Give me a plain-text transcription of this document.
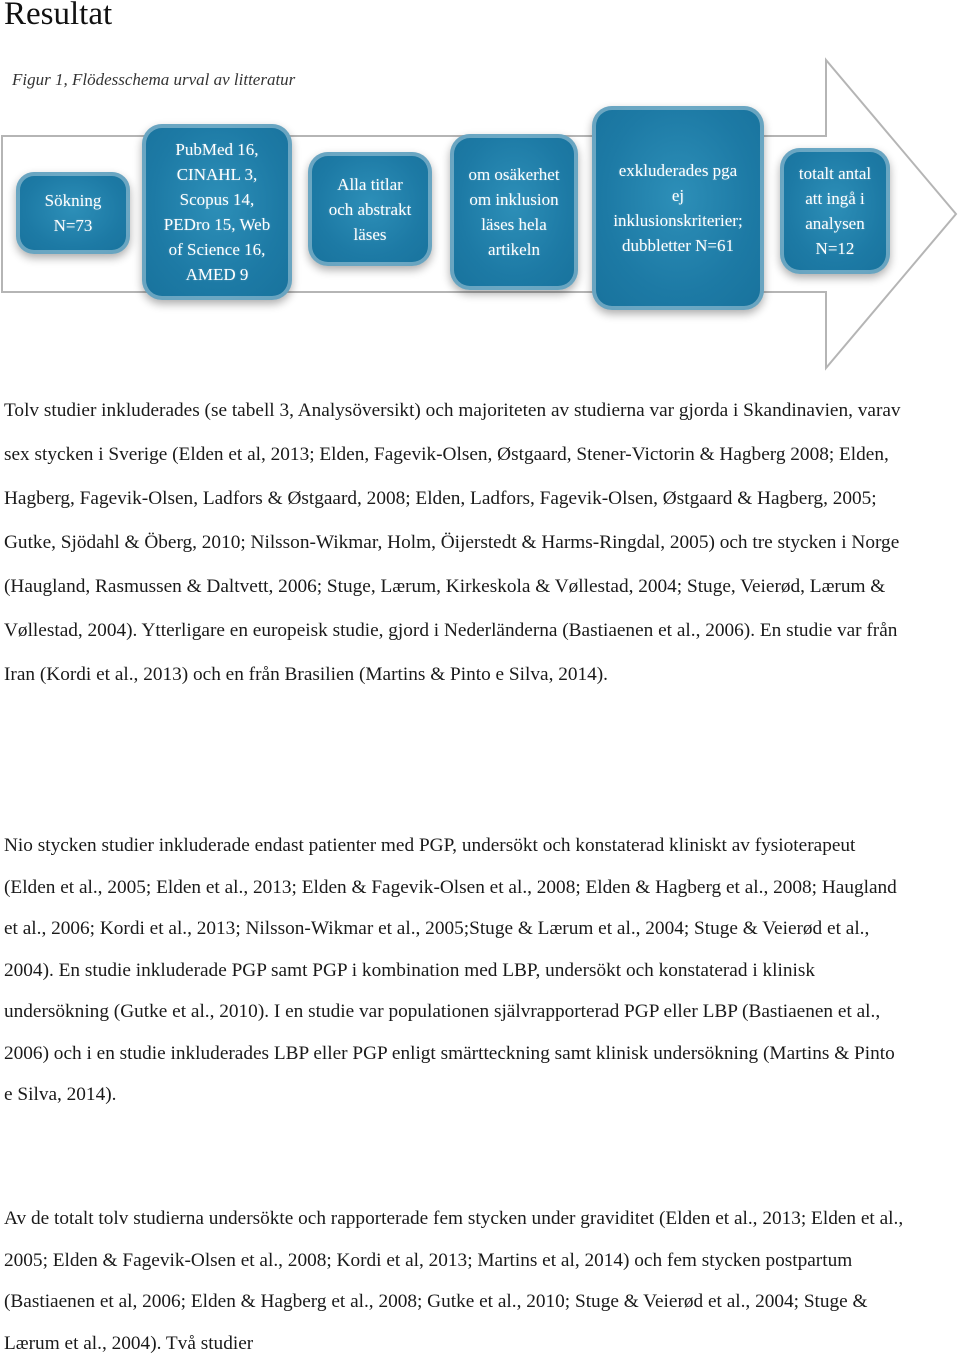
Resultat
Figur 1, Flödesschema urval av litteratur
Sökning
N=73
PubMed 16,
CINAHL 3,
Scopus 14,
PEDro 15, Web
of Science 16,
AMED 9
Alla titlar
och abstrakt
läses
om osäkerhet
om inklusion
läses hela
artikeln
exkluderades pga
ej
inklusionskriterier;
dubbletter N=61
totalt antal
att ingå i
analysen
N=12

Tolv studier inkluderades (se tabell 3, Analysöversikt) och majoriteten av studierna var gjorda i Skandinavien, varav sex stycken i Sverige (Elden et al, 2013; Elden, Fagevik-Olsen, Østgaard, Stener-Victorin & Hagberg 2008; Elden, Hagberg, Fagevik-Olsen, Ladfors & Østgaard, 2008; Elden, Ladfors, Fagevik-Olsen, Østgaard & Hagberg, 2005; Gutke, Sjödahl & Öberg, 2010; Nilsson-Wikmar, Holm, Öijerstedt & Harms-Ringdal, 2005) och tre stycken i Norge (Haugland, Rasmussen & Daltvett, 2006; Stuge, Lærum, Kirkeskola & Vøllestad, 2004; Stuge, Veierød, Lærum & Vøllestad, 2004). Ytterligare en europeisk studie, gjord i Nederländerna (Bastiaenen et al., 2006). En studie var från Iran (Kordi et al., 2013) och en från Brasilien (Martins & Pinto e Silva, 2014).

Nio stycken studier inkluderade endast patienter med PGP, undersökt och konstaterad kliniskt av fysioterapeut (Elden et al., 2005; Elden et al., 2013; Elden & Fagevik-Olsen et al., 2008; Elden & Hagberg et al., 2008; Haugland et al., 2006; Kordi et al., 2013; Nilsson-Wikmar et al., 2005;Stuge & Lærum et al., 2004; Stuge & Veierød et al., 2004). En studie inkluderade PGP samt PGP i kombination med LBP, undersökt och konstaterad i klinisk undersökning (Gutke et al., 2010). I en studie var populationen självrapporterad PGP eller LBP (Bastiaenen et al., 2006) och i en studie inkluderades LBP eller PGP enligt smärtteckning samt klinisk undersökning (Martins & Pinto e Silva, 2014).

Av de totalt tolv studierna undersökte och rapporterade fem stycken under graviditet (Elden et al., 2013; Elden et al., 2005; Elden & Fagevik-Olsen et al., 2008; Kordi et al, 2013; Martins et al, 2014) och fem stycken postpartum (Bastiaenen et al, 2006; Elden & Hagberg et al., 2008; Gutke et al., 2010; Stuge & Veierød et al., 2004; Stuge & Lærum et al., 2004). Två studier
